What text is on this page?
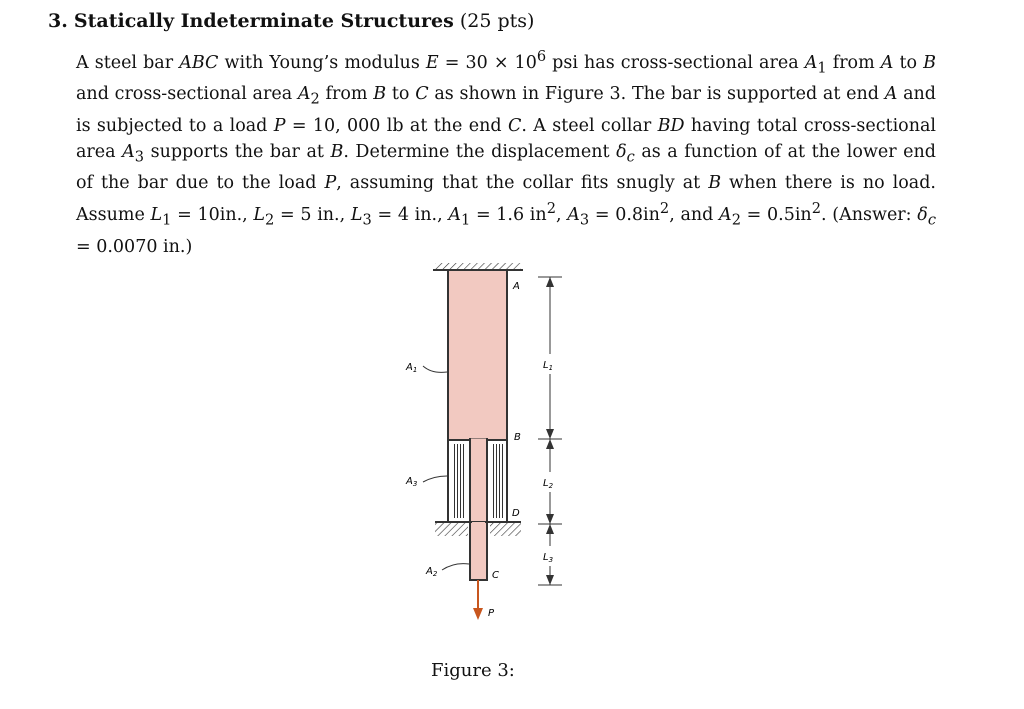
3. Statically Indeterminate Structures (25 pts)
A steel bar ABC with Young’s modulus $E = 30 \times 10^6$ psi has cross-sectional area $A_1$ from A to B and cross-sectional area $A_2$ from B to C as shown in Figure 3. The bar is supported at end A and is subjected to a load P = 10, 000 lb at the end C. A steel collar BD having total cross-sectional area $A_3$ supports the bar at B. Determine the displacement $\delta_c$ as a function of at the lower end of the bar due to the load P, assuming that the collar fits snugly at B when there is no load. Assume $L_1 = 10in$., $L_2 = 5$ in., $L_3 = 4$ in., $A_1 = 1.6$ $in^2$, $A_3 = 0.8in^2$, and $A_2 = 0.5in^2$. (Answer: $\delta_c = 0.0070$ in.)
A
B
D
C
P
$A_1$
$A_3$
$A_2$
$L_1$
$L_2$
$L_3$
Figure 3:
